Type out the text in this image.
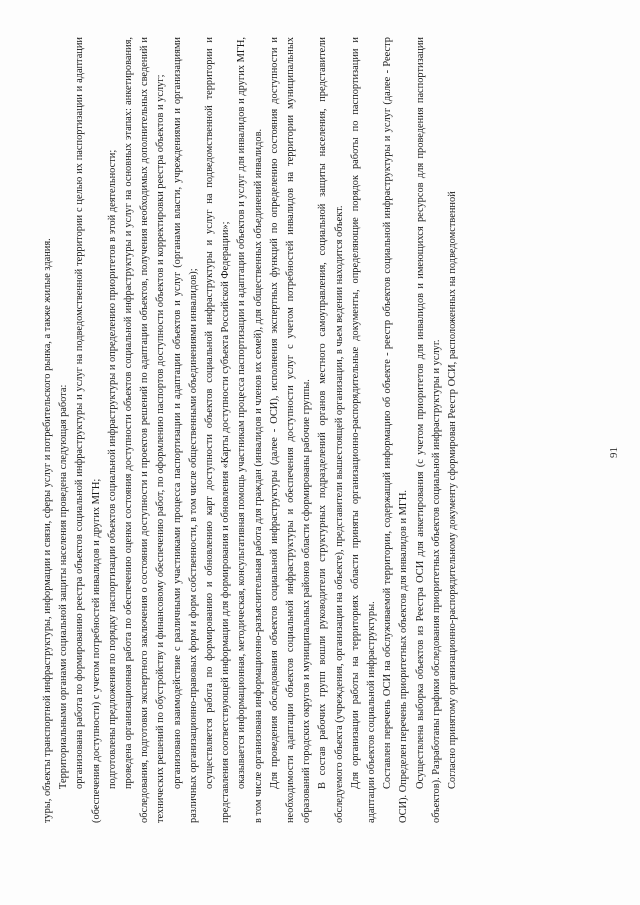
91

туры, объекты транспортной инфраструктуры, информации и связи, сферы услуг и потребительского рынка, а также жилые здания. Территориальными органами социальной защиты населения проведена следующая работа: организована работа по формированию реестра объектов социальной инфраструктуры и услуг на подведомственной территории с целью их паспортизации и адаптации (обеспечения доступности) с учетом потребностей инвалидов и других МГН; подготовлены предложения по порядку паспортизации объектов социальной инфраструктуры и определению приоритетов в этой деятельности; проведена организационная работа по обеспечению оценки состояния доступности объектов социальной инфраструктуры и услуг на основных этапах: анкетирования, обследования, подготовки экспертного заключения о состоянии доступности и проектов решений по адаптации объектов, получения необходимых дополнительных сведений и технических решений по обустройству и финансовому обеспечению работ, по оформлению паспортов доступности объектов и корректировки реестра объектов и услуг; организовано взаимодействие с различными участниками процесса паспортизации и адаптации объектов и услуг (органами власти, учреждениями и организациями различных организационно-правовых форм и форм собственности, в том числе общественными объединениями инвалидов); осуществляется работа по формированию и обновлению карт доступности объектов социальной инфраструктуры и услуг на подведомственной территории и представления соответствующей информации для формирования и обновления «Карты доступности субъекта Российской Федерации»; оказывается информационная, методическая, консультативная помощь участникам процесса паспортизации и адаптации объектов и услуг для инвалидов и других МГН, в том числе организована информационно-разъяснительная работа для граждан (инвалидов и членов их семей), для общественных объединений инвалидов. Для проведения обследования объектов социальной инфраструктуры (далее - ОСИ), исполнения экспертных функций по определению состояния доступности и необходимости адаптации объектов социальной инфраструктуры и обеспечения доступности услуг с учетом потребностей инвалидов на территории муниципальных образований городских округов и муниципальных районов области сформированы рабочие группы. В состав рабочих групп вошли руководители структурных подразделений органов местного самоуправления, социальной защиты населения, представители обследуемого объекта (учреждения, организации на объекте), представители вышестоящей организации, в чьем ведении находится объект. Для организации работы на территориях области приняты организационно-распорядительные документы, определяющие порядок работы по паспортизации и адаптации объектов социальной инфраструктуры. Составлен перечень ОСИ на обслуживаемой территории, содержащий информацию об объекте - реестр объектов социальной инфраструктуры и услуг (далее - Реестр ОСИ). Определен перечень приоритетных объектов для инвалидов и МГН. Осуществлена выборка объектов из Реестра ОСИ для анкетирования (с учетом приоритетов для инвалидов и имеющихся ресурсов для проведения паспортизации объектов). Разработаны графики обследования приоритетных объектов социальной инфраструктуры и услуг. Согласно принятому организационно-распорядительному документу сформирован Реестр ОСИ, расположенных на подведомственной
